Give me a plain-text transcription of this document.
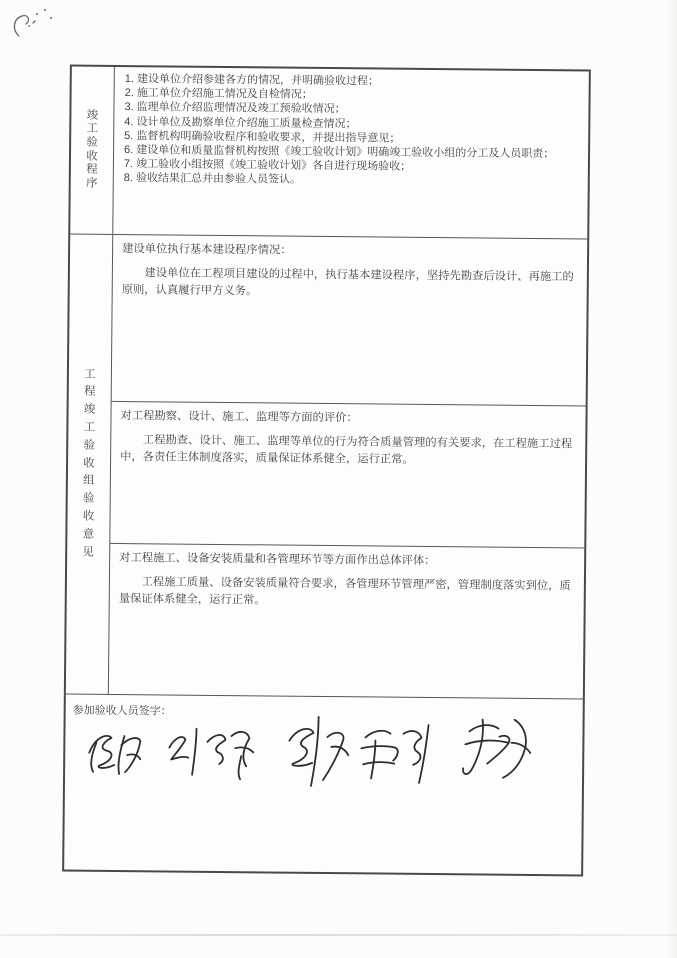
竣工验收程序
1. 建设单位介绍参建各方的情况，并明确验收过程；
2. 施工单位介绍施工情况及自检情况；
3. 监理单位介绍监理情况及竣工预验收情况；
4. 设计单位及勘察单位介绍施工质量检查情况；
5. 监督机构明确验收程序和验收要求，并提出指导意见；
6. 建设单位和质量监督机构按照《竣工验收计划》明确竣工验收小组的分工及人员职责；
7. 竣工验收小组按照《竣工验收计划》各自进行现场验收；
8. 验收结果汇总并由参验人员签认。
工程竣工验收组验收意见
建设单位执行基本建设程序情况：
建设单位在工程项目建设的过程中，执行基本建设程序，坚持先勘查后设计、再施工的原则，认真履行甲方义务。
对工程勘察、设计、施工、监理等方面的评价：
工程勘查、设计、施工、监理等单位的行为符合质量管理的有关要求，在工程施工过程中，各责任主体制度落实，质量保证体系健全，运行正常。
对工程施工、设备安装质量和各管理环节等方面作出总体评体：
工程施工质量、设备安装质量符合要求，各管理环节管理严密，管理制度落实到位，质量保证体系健全，运行正常。
参加验收人员签字：
